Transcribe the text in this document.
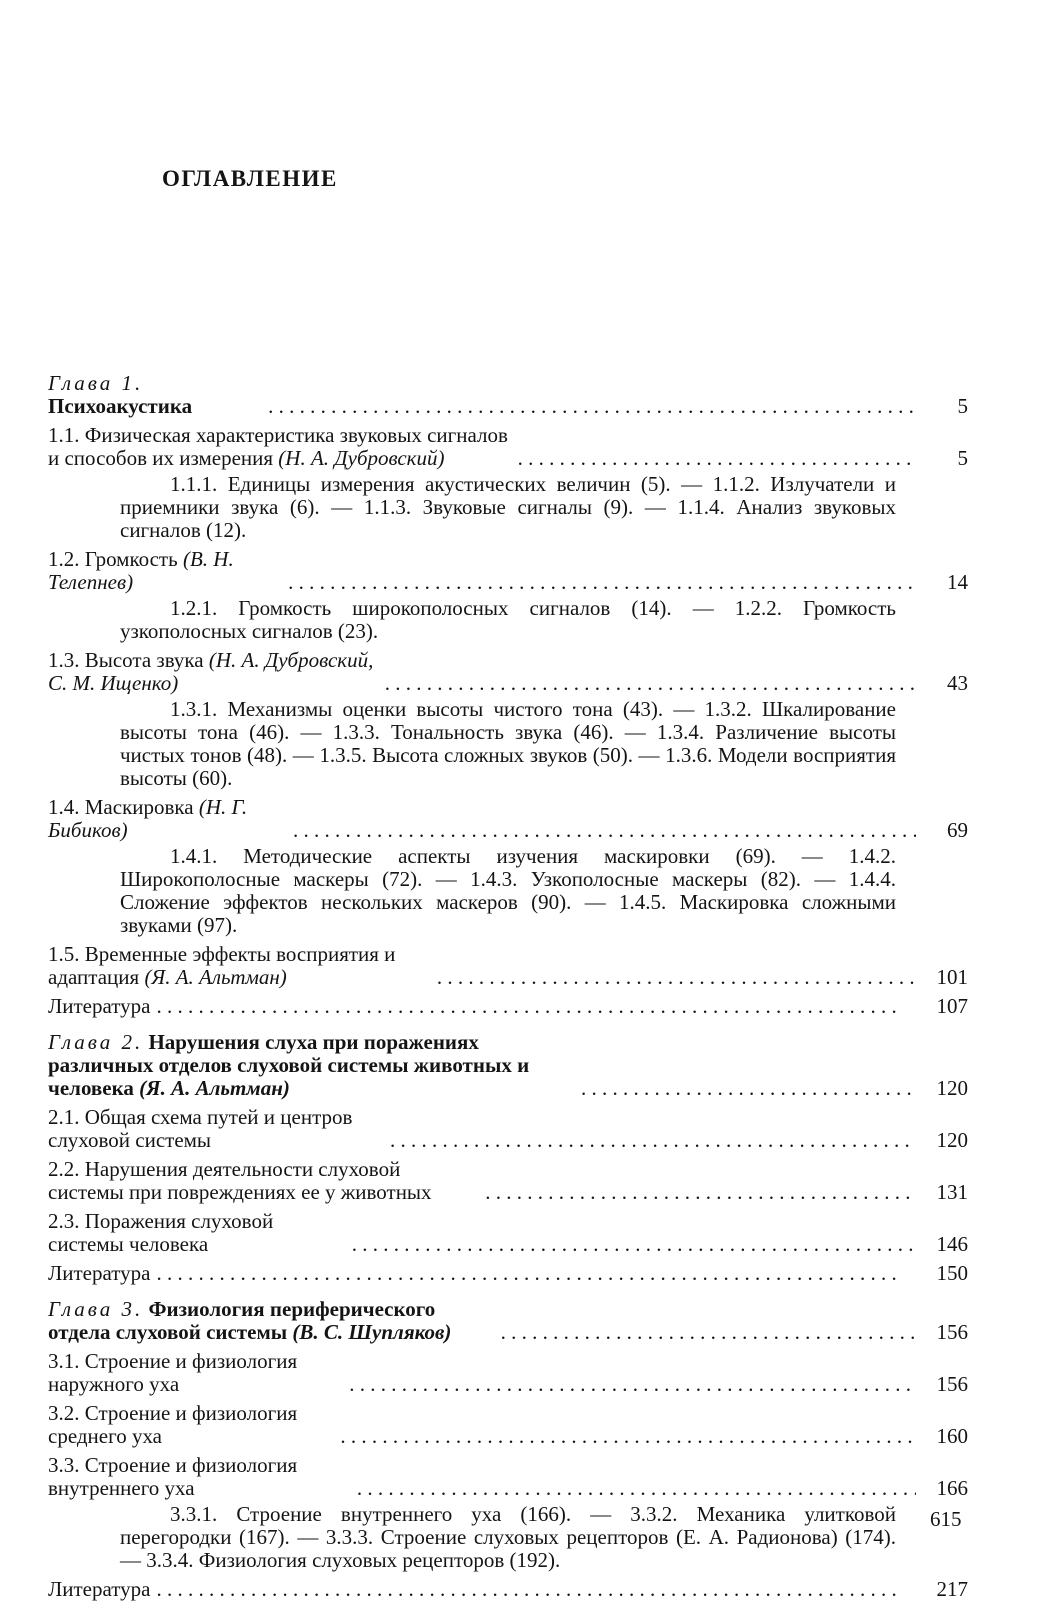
ОГЛАВЛЕНИЕ
Глава 1. Психоакустика . . .	5
1.1. Физическая характеристика звуковых сигналов и способов их измерения (Н. А. Дубровский) . . .	5
1.1.1. Единицы измерения акустических величин (5). — 1.1.2. Излучатели и приемники звука (6). — 1.1.3. Звуковые сигналы (9). — 1.1.4. Анализ звуковых сигналов (12).
1.2. Громкость (В. Н. Телепнев) . . .	14
1.2.1. Громкость широкополосных сигналов (14). — 1.2.2. Громкость узкополосных сигналов (23).
1.3. Высота звука (Н. А. Дубровский, С. М. Ищенко) . . .	43
1.3.1. Механизмы оценки высоты чистого тона (43). — 1.3.2. Шкалирование высоты тона (46). — 1.3.3. Тональность звука (46). — 1.3.4. Различение высоты чистых тонов (48). — 1.3.5. Высота сложных звуков (50). — 1.3.6. Модели восприятия высоты (60).
1.4. Маскировка (Н. Г. Бибиков) . . .	69
1.4.1. Методические аспекты изучения маскировки (69). — 1.4.2. Широкополосные маскеры (72). — 1.4.3. Узкополосные маскеры (82). — 1.4.4. Сложение эффектов нескольких маскеров (90). — 1.4.5. Маскировка сложными звуками (97).
1.5. Временные эффекты восприятия и адаптация (Я. А. Альтман) . . .	101
Литература . . .	107
Глава 2. Нарушения слуха при поражениях различных отделов слуховой системы животных и человека (Я. А. Альтман) . . .	120
2.1. Общая схема путей и центров слуховой системы . . .	120
2.2. Нарушения деятельности слуховой системы при повреждениях ее у животных . . .	131
2.3. Поражения слуховой системы человека . . .	146
Литература . . .	150
Глава 3. Физиология периферического отдела слуховой системы (В. С. Шупляков) . . .	156
3.1. Строение и физиология наружного уха . . .	156
3.2. Строение и физиология среднего уха . . .	160
3.3. Строение и физиология внутреннего уха . . .	166
3.3.1. Строение внутреннего уха (166). — 3.3.2. Механика улитковой перегородки (167). — 3.3.3. Строение слуховых рецепторов (Е. А. Радионова) (174). — 3.3.4. Физиология слуховых рецепторов (192).
Литература . . .	217
615
